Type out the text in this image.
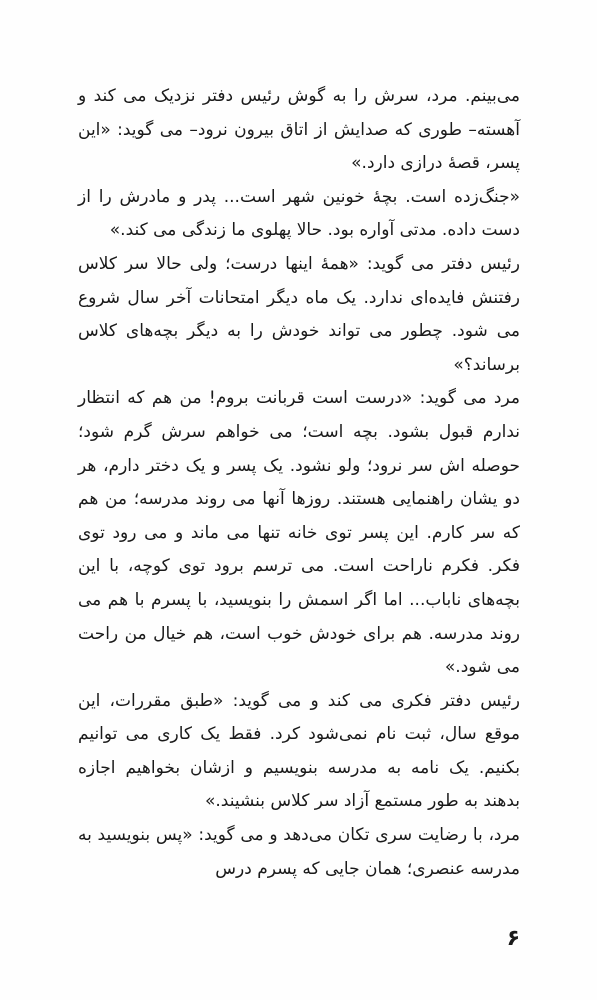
می‌بینم. مرد، سرش را به گوش رئیس دفتر نزدیک می کند و آهسته– طوری که صدایش از اتاق بیرون نرود– می گوید: «این پسر، قصهٔ درازی دارد.»

«جنگ‌زده است. بچهٔ خونین شهر است... پدر و مادرش را از دست داده. مدتی آواره بود. حالا پهلوی ما زندگی می کند.»

رئیس دفتر می گوید: «همهٔ اینها درست؛ ولی حالا سر کلاس رفتنش فایده‌ای ندارد. یک ماه دیگر امتحانات آخر سال شروع می شود. چطور می تواند خودش را به دیگر بچه‌های کلاس برساند؟»

مرد می گوید: «درست است قربانت بروم! من هم که انتظار ندارم قبول بشود. بچه است؛ می خواهم سرش گرم شود؛ حوصله اش سر نرود؛ ولو نشود. یک پسر و یک دختر دارم، هر دو یشان راهنمایی هستند. روزها آنها می روند مدرسه؛ من هم که سر کارم. این پسر توی خانه تنها می ماند و می رود توی فکر. فکرم ناراحت است. می ترسم برود توی کوچه، با این بچه‌های ناباب... اما اگر اسمش را بنویسید، با پسرم با هم می روند مدرسه. هم برای خودش خوب است، هم خیال من راحت می شود.»

رئیس دفتر فکری می کند و می گوید: «طبق مقررات، این موقع سال، ثبت نام نمی‌شود کرد. فقط یک کاری می توانیم بکنیم. یک نامه به مدرسه بنویسیم و ازشان بخواهیم اجازه بدهند به طور مستمع آزاد سر کلاس بنشیند.»

مرد، با رضایت سری تکان می‌دهد و می گوید: «پس بنویسید به مدرسه عنصری؛ همان جایی که پسرم درس

۶
